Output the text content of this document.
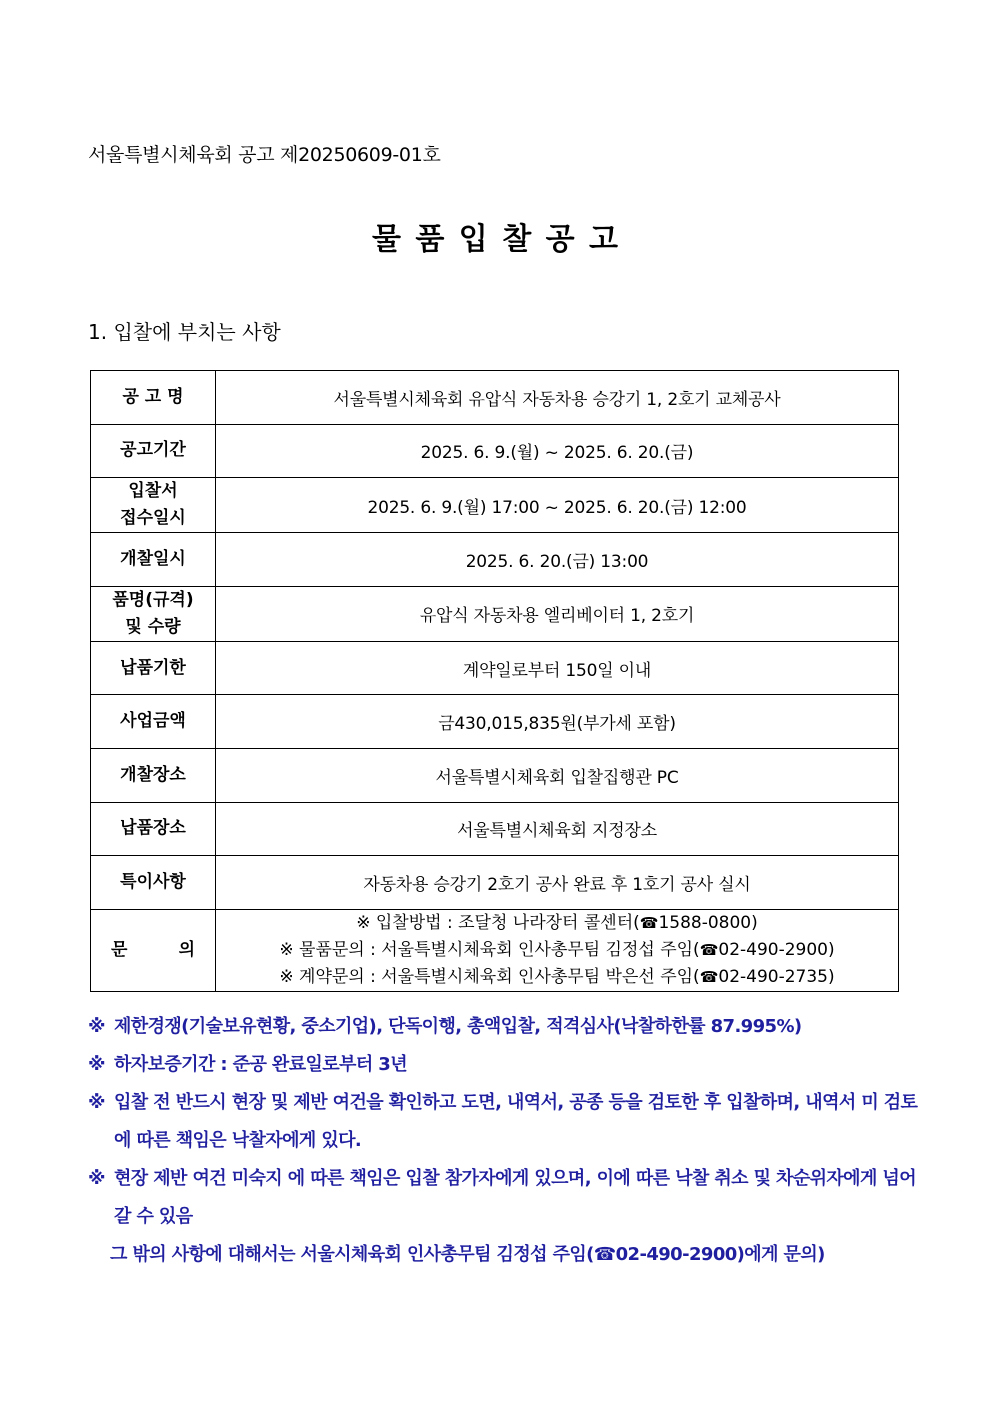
서울특별시체육회 공고 제20250609-01호
물 품 입 찰 공 고
1. 입찰에 부치는 사항
공 고 명	서울특별시체육회 유압식 자동차용 승강기 1, 2호기 교체공사
공고기간	2025. 6. 9.(월) ~ 2025. 6. 20.(금)

입찰서
접수일시	2025. 6. 9.(월) 17:00 ~ 2025. 6. 20.(금) 12:00
개찰일시	2025. 6. 20.(금) 13:00

품명(규격)
및 수량	유압식 자동차용 엘리베이터 1, 2호기
납품기한	계약일로부터 150일 이내
사업금액	금430,015,835원(부가세 포함)
개찰장소	서울특별시체육회 입찰집행관 PC
납품장소	서울특별시체육회 지정장소
특이사항	자동차용 승강기 2호기 공사 완료 후 1호기 공사 실시
문 의	※ 입찰방법 : 조달청 나라장터 콜센터(☎1588-0800)
※ 물품문의 : 서울특별시체육회 인사총무팀 김정섭 주임(☎02-490-2900)
※ 계약문의 : 서울특별시체육회 인사총무팀 박은선 주임(☎02-490-2735)
※ 제한경쟁(기술보유현황, 중소기업), 단독이행, 총액입찰, 적격심사(낙찰하한률 87.995%)
※ 하자보증기간 : 준공 완료일로부터 3년
※ 입찰 전 반드시 현장 및 제반 여건을 확인하고 도면, 내역서, 공종 등을 검토한 후 입찰하며, 내역서 미 검토에 따른 책임은 낙찰자에게 있다.
※ 현장 제반 여건 미숙지 에 따른 책임은 입찰 참가자에게 있으며, 이에 따른 낙찰 취소 및 차순위자에게 넘어갈 수 있음
그 밖의 사항에 대해서는 서울시체육회 인사총무팀 김정섭 주임(☎02-490-2900)에게 문의)
